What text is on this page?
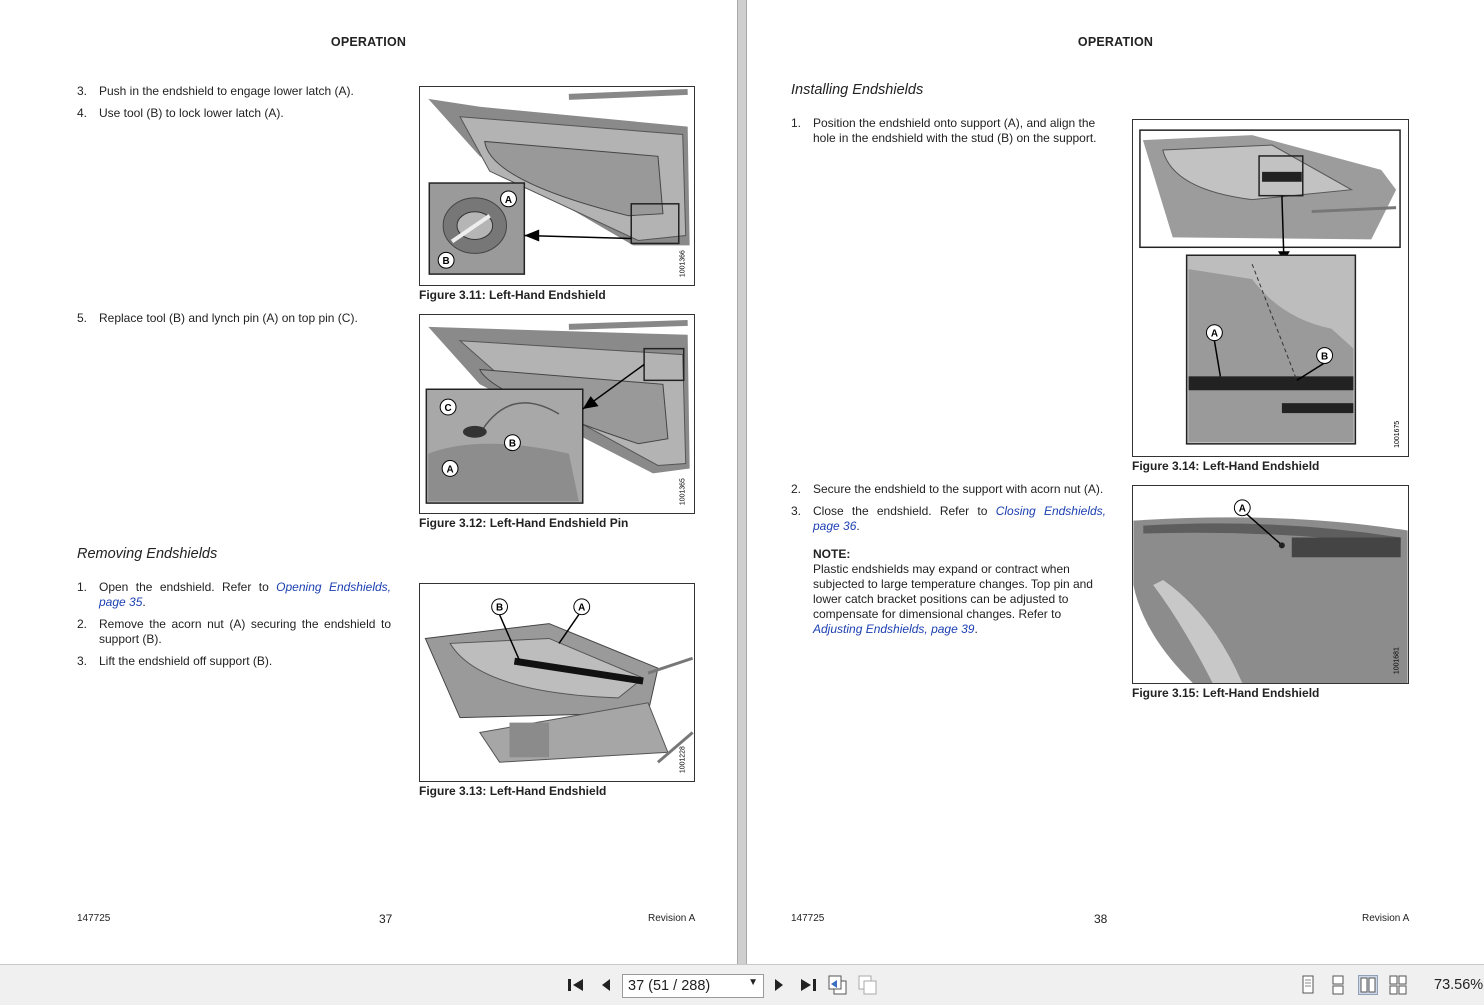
OPERATION
3. Push in the endshield to engage lower latch (A).
4. Use tool (B) to lock lower latch (A).
A
B	1001366
Figure 3.11: Left-Hand Endshield
5. Replace tool (B) and lynch pin (A) on top pin (C).
C
B
A
1001365
Figure 3.12: Left-Hand Endshield Pin
Removing Endshields
1. Open the endshield. Refer to Opening Endshields, page 35.
2. Remove the acorn nut (A) securing the endshield to support (B).
3. Lift the endshield off support (B).
B	A
1001228
Figure 3.13: Left-Hand Endshield
147725	37	Revision A
OPERATION
Installing Endshields
1. Position the endshield onto support (A), and align the hole in the endshield with the stud (B) on the support.
A
B
1001675
Figure 3.14: Left-Hand Endshield
2. Secure the endshield to the support with acorn nut (A).
3. Close the endshield. Refer to Closing Endshields, page 36.
NOTE:
Plastic endshields may expand or contract when subjected to large temperature changes. Top pin and lower catch bracket positions can be adjusted to compensate for dimensional changes. Refer to Adjusting Endshields, page 39.
A
1001681
Figure 3.15: Left-Hand Endshield
147725	38	Revision A
37 (51 / 288)	▼	73.56%
